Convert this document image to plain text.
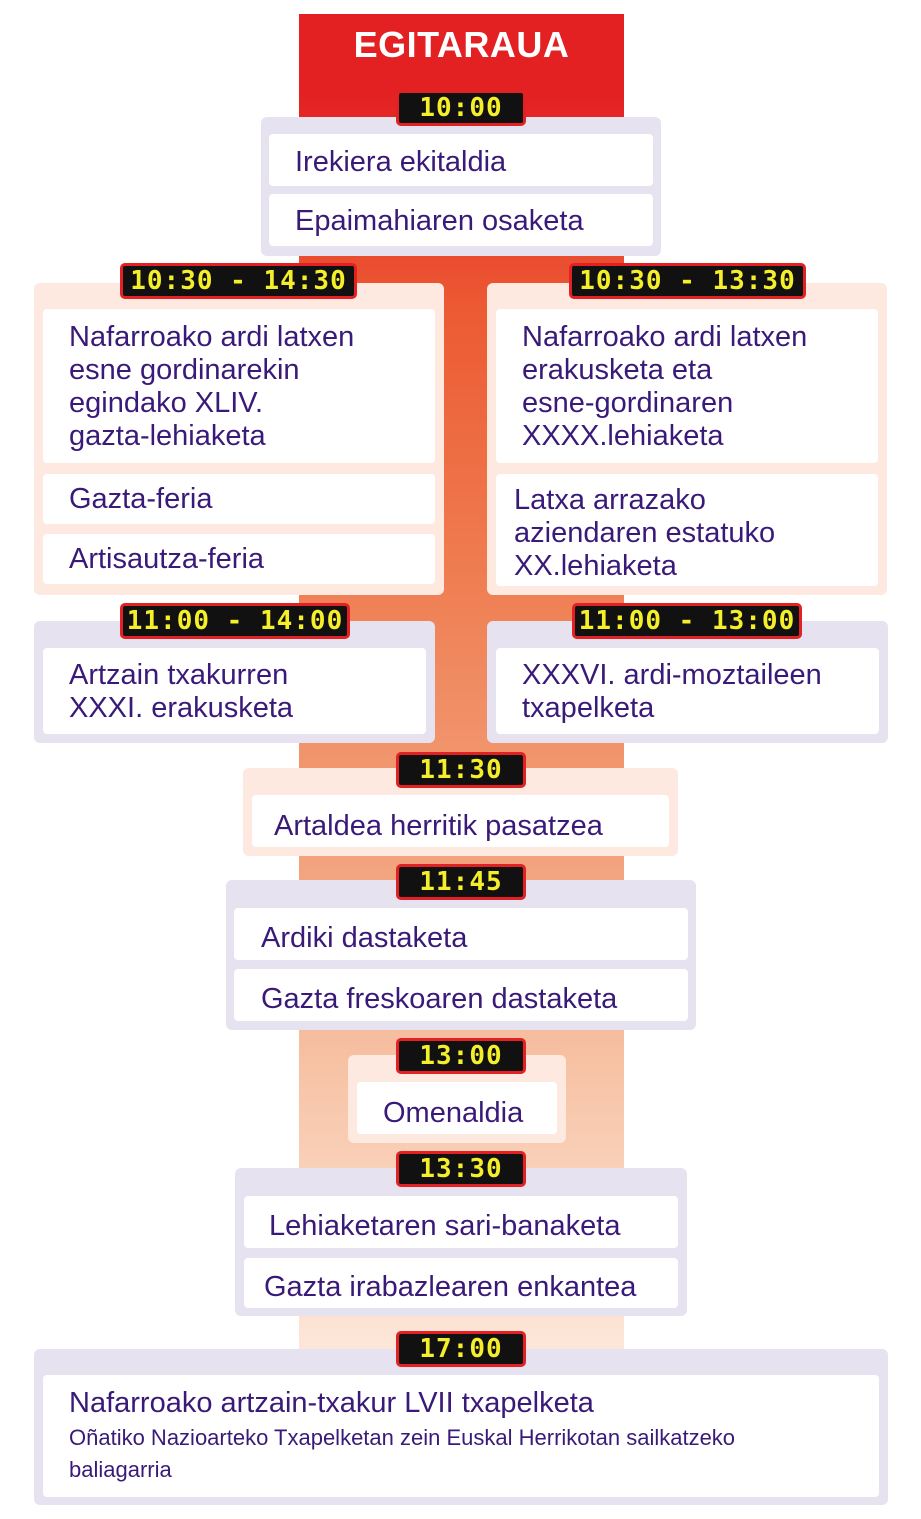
EGITARAUA
Irekiera ekitaldia
Epaimahiaren osaketa
10:00
Nafarroako ardi latxen
esne gordinarekin
egindako XLIV.
gazta-lehiaketa
Gazta-feria
Artisautza-feria
10:30 - 14:30
Nafarroako ardi latxen
erakusketa eta
esne-gordinaren
XXXX.lehiaketa
Latxa arrazako
aziendaren estatuko
XX.lehiaketa
10:30 - 13:30
Artzain txakurren
XXXI. erakusketa
11:00 - 14:00
XXXVI. ardi-moztaileen
txapelketa
11:00 - 13:00
Artaldea herritik pasatzea
11:30
Ardiki dastaketa
Gazta freskoaren dastaketa
11:45
Omenaldia
13:00
Lehiaketaren sari-banaketa
Gazta irabazlearen enkantea
13:30
Nafarroako artzain-txakur LVII txapelketa
Oñatiko Nazioarteko Txapelketan zein Euskal Herrikotan sailkatzeko
baliagarria
17:00
